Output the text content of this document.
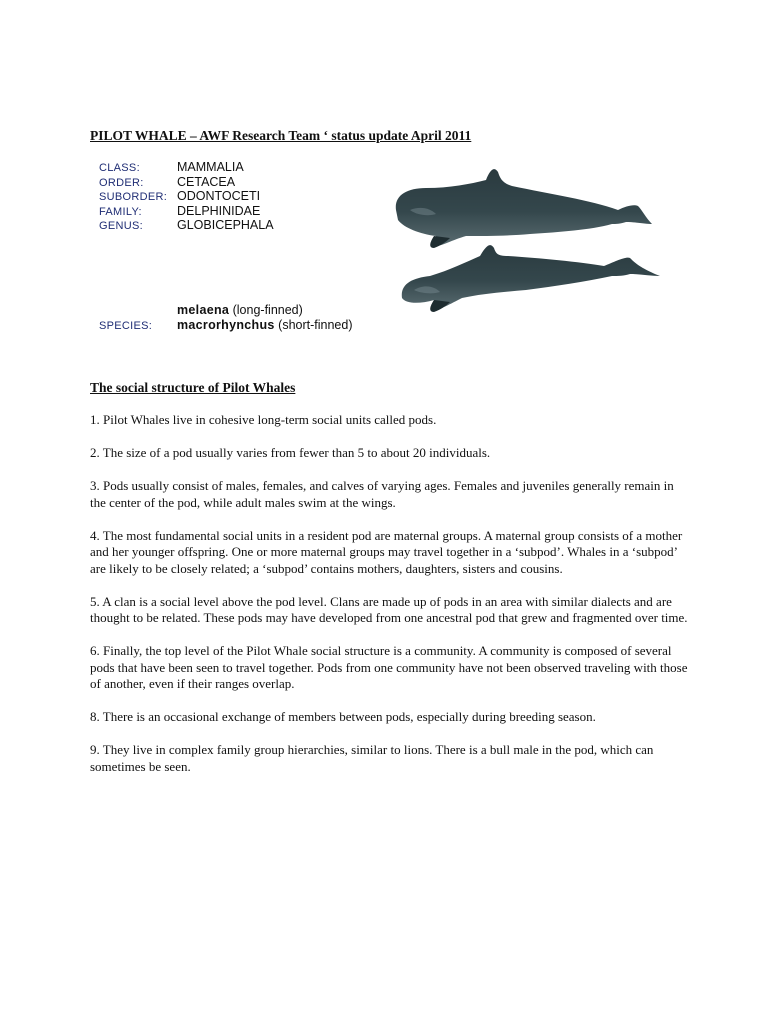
PILOT WHALE – AWF Research Team ‘ status update April 2011
CLASS:	MAMMALIA
ORDER:	CETACEA
SUBORDER: ODONTOCETI
FAMILY:	DELPHINIDAE
GENUS:	GLOBICEPHALA
melaena (long-finned)
SPECIES: macrorhynchus (short-finned)
The social structure of Pilot Whales

1. Pilot Whales live in cohesive long-term social units called pods.

2. The size of a pod usually varies from fewer than 5 to about 20 individuals.

3. Pods usually consist of males, females, and calves of varying ages. Females and juveniles generally remain in the center of the pod, while adult males swim at the wings.

4. The most fundamental social units in a resident pod are maternal groups. A maternal group consists of a mother and her younger offspring. One or more maternal groups may travel together in a ‘subpod’. Whales in a ‘subpod’ are likely to be closely related; a ‘subpod’ contains mothers, daughters, sisters and cousins.

5. A clan is a social level above the pod level. Clans are made up of pods in an area with similar dialects and are thought to be related. These pods may have developed from one ancestral pod that grew and fragmented over time.

6. Finally, the top level of the Pilot Whale social structure is a community. A community is composed of several pods that have been seen to travel together. Pods from one community have not been observed traveling with those of another, even if their ranges overlap.

8. There is an occasional exchange of members between pods, especially during breeding season.

9. They live in complex family group hierarchies, similar to lions. There is a bull male in the pod, which can sometimes be seen.
